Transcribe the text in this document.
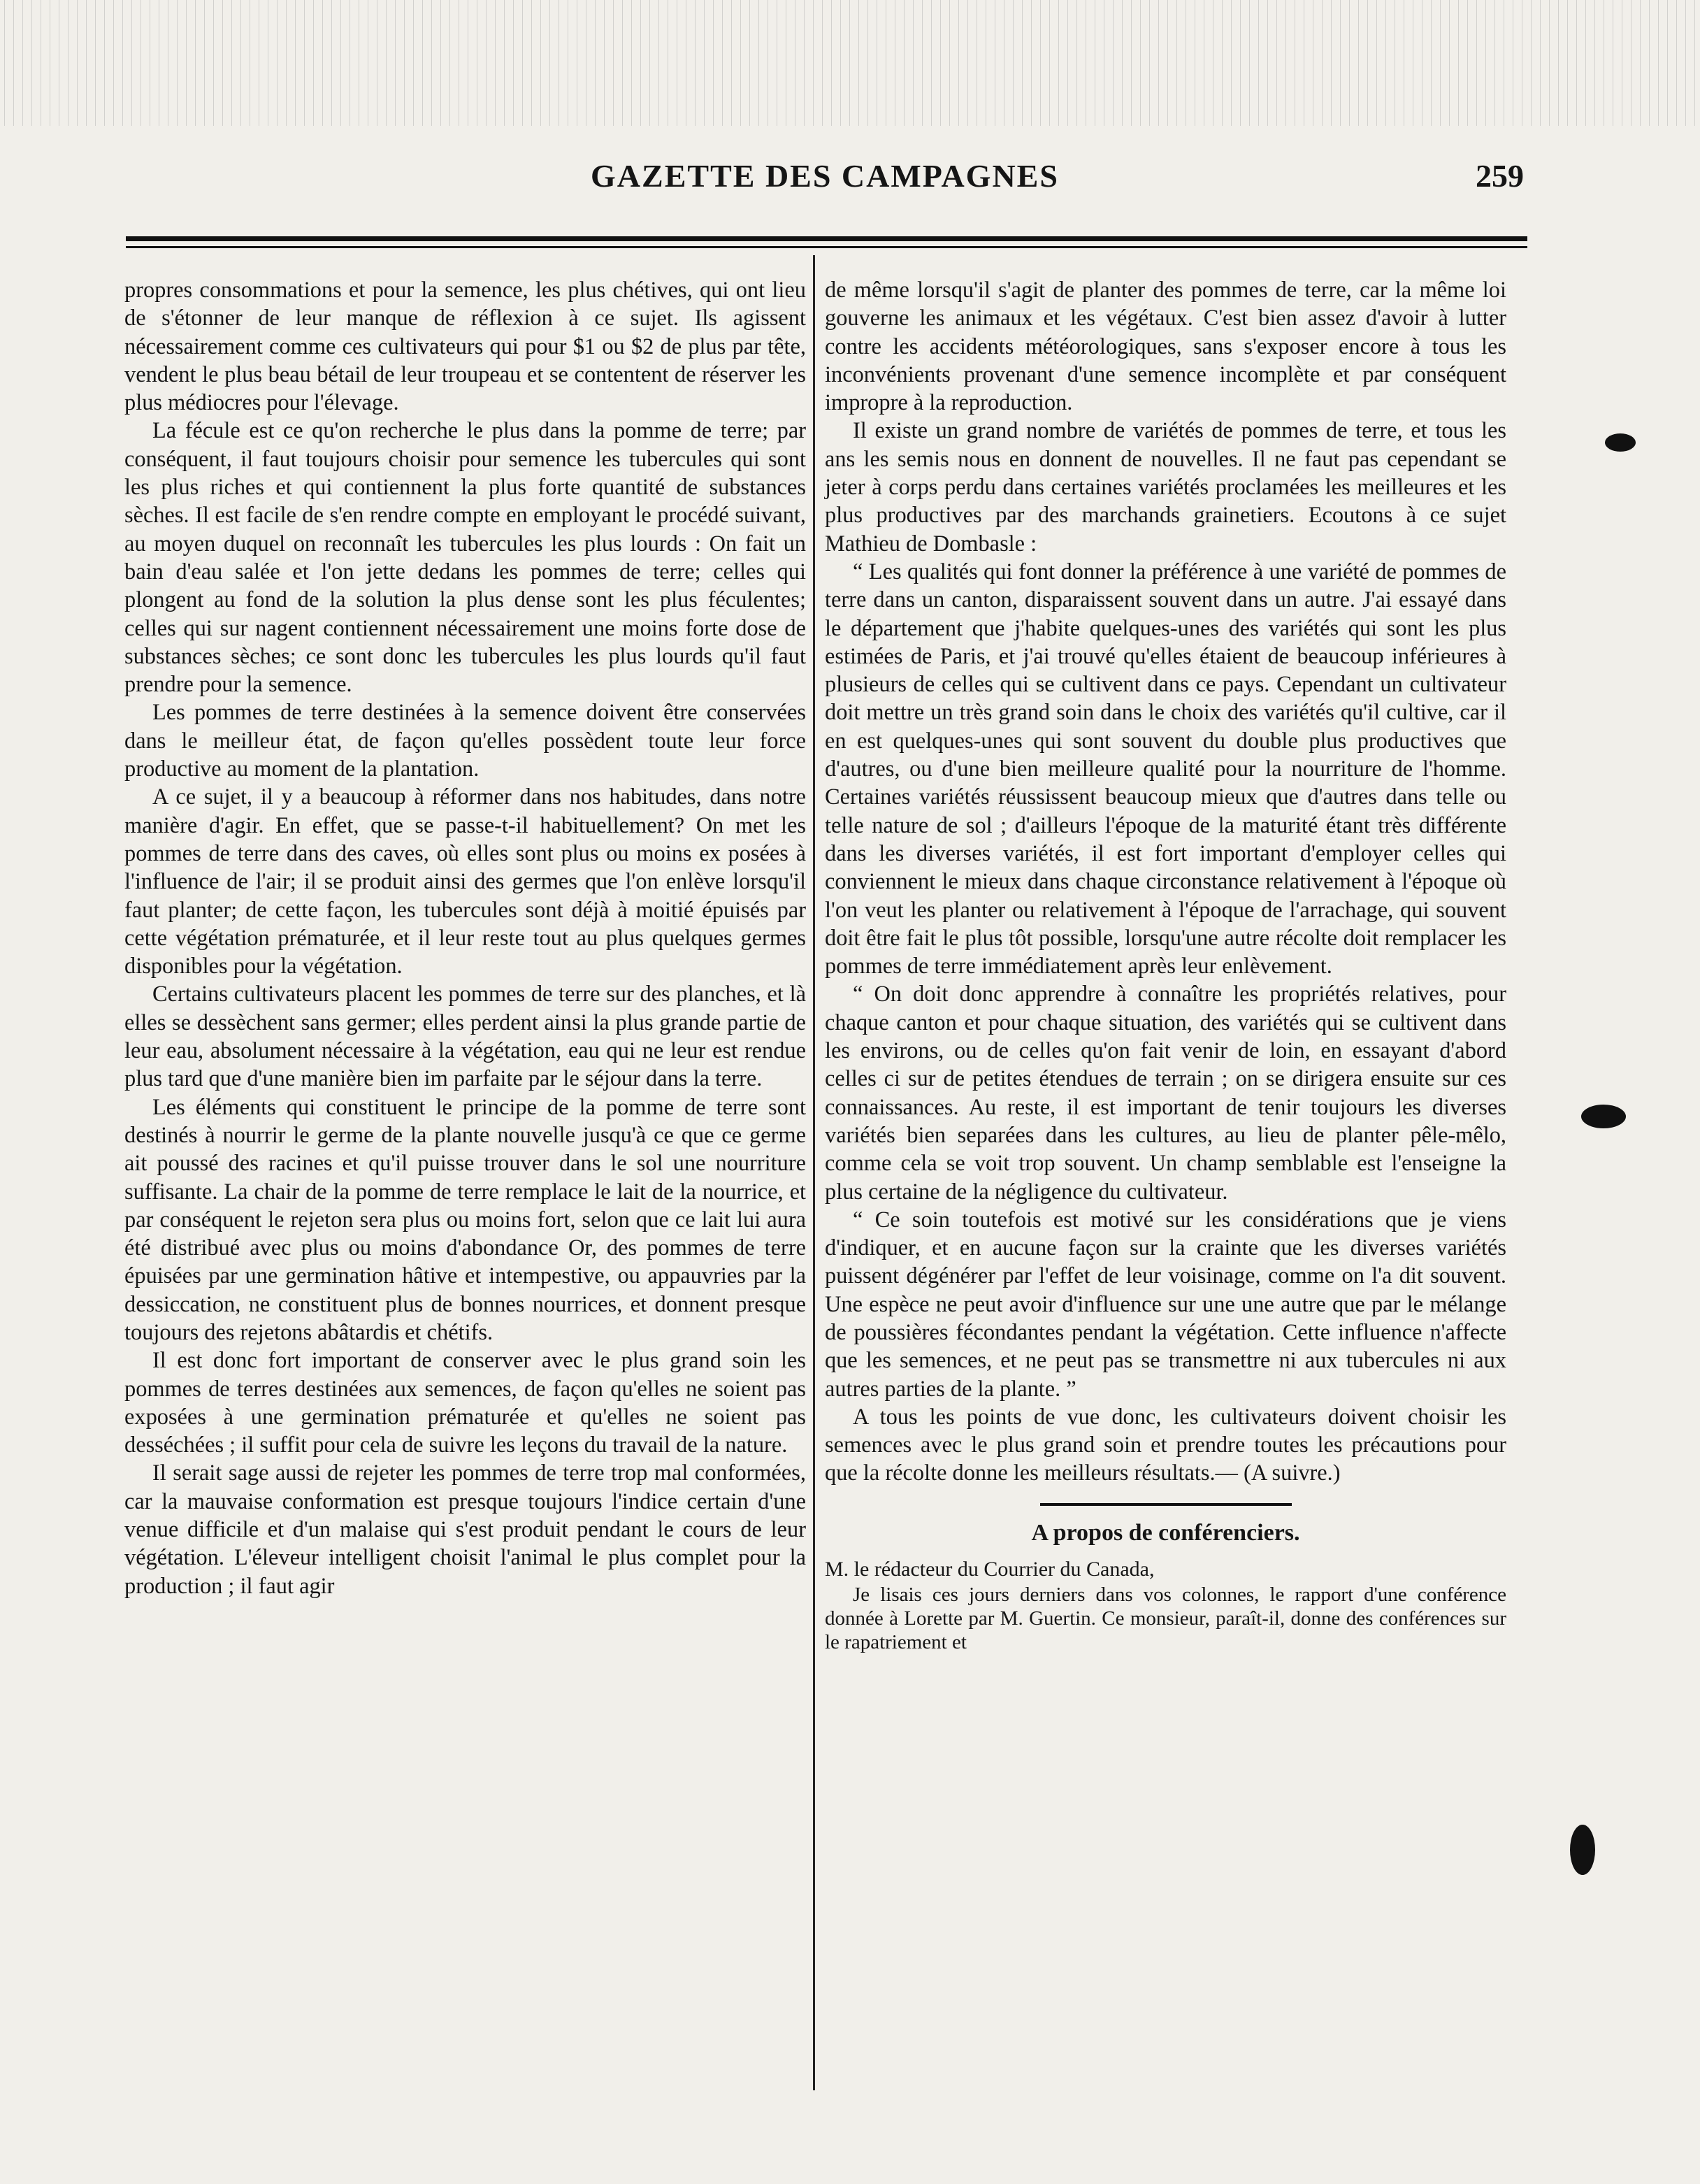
GAZETTE DES CAMPAGNES	259

propres consommations et pour la semence, les plus chétives, qui ont lieu de s'étonner de leur manque de réflexion à ce sujet. Ils agissent nécessairement comme ces cultivateurs qui pour $1 ou $2 de plus par tête, vendent le plus beau bétail de leur troupeau et se contentent de réserver les plus médiocres pour l'élevage.

La fécule est ce qu'on recherche le plus dans la pomme de terre; par conséquent, il faut toujours choisir pour semence les tubercules qui sont les plus riches et qui contiennent la plus forte quantité de substances sèches. Il est facile de s'en rendre compte en employant le procédé suivant, au moyen duquel on reconnaît les tubercules les plus lourds : On fait un bain d'eau salée et l'on jette dedans les pommes de terre; celles qui plongent au fond de la solution la plus dense sont les plus féculentes; celles qui sur nagent contiennent nécessairement une moins forte dose de substances sèches; ce sont donc les tubercules les plus lourds qu'il faut prendre pour la semence.

Les pommes de terre destinées à la semence doivent être conservées dans le meilleur état, de façon qu'elles possèdent toute leur force productive au moment de la plantation.

A ce sujet, il y a beaucoup à réformer dans nos habitudes, dans notre manière d'agir. En effet, que se passe-t-il habituellement? On met les pommes de terre dans des caves, où elles sont plus ou moins ex posées à l'influence de l'air; il se produit ainsi des germes que l'on enlève lorsqu'il faut planter; de cette façon, les tubercules sont déjà à moitié épuisés par cette végétation prématurée, et il leur reste tout au plus quelques germes disponibles pour la végétation.

Certains cultivateurs placent les pommes de terre sur des planches, et là elles se dessèchent sans germer; elles perdent ainsi la plus grande partie de leur eau, absolument nécessaire à la végétation, eau qui ne leur est rendue plus tard que d'une manière bien im parfaite par le séjour dans la terre.

Les éléments qui constituent le principe de la pomme de terre sont destinés à nourrir le germe de la plante nouvelle jusqu'à ce que ce germe ait poussé des racines et qu'il puisse trouver dans le sol une nourriture suffisante. La chair de la pomme de terre remplace le lait de la nourrice, et par conséquent le rejeton sera plus ou moins fort, selon que ce lait lui aura été distribué avec plus ou moins d'abondance Or, des pommes de terre épuisées par une germination hâtive et intempestive, ou appauvries par la dessiccation, ne constituent plus de bonnes nourrices, et donnent presque toujours des rejetons abâtardis et chétifs.

Il est donc fort important de conserver avec le plus grand soin les pommes de terres destinées aux semences, de façon qu'elles ne soient pas exposées à une germination prématurée et qu'elles ne soient pas desséchées ; il suffit pour cela de suivre les leçons du travail de la nature.

Il serait sage aussi de rejeter les pommes de terre trop mal conformées, car la mauvaise conformation est presque toujours l'indice certain d'une venue difficile et d'un malaise qui s'est produit pendant le cours de leur végétation. L'éleveur intelligent choisit l'animal le plus complet pour la production ; il faut agir

de même lorsqu'il s'agit de planter des pommes de terre, car la même loi gouverne les animaux et les végétaux. C'est bien assez d'avoir à lutter contre les accidents météorologiques, sans s'exposer encore à tous les inconvénients provenant d'une semence incomplète et par conséquent impropre à la reproduction.

Il existe un grand nombre de variétés de pommes de terre, et tous les ans les semis nous en donnent de nouvelles. Il ne faut pas cependant se jeter à corps perdu dans certaines variétés proclamées les meilleures et les plus productives par des marchands grainetiers. Ecoutons à ce sujet Mathieu de Dombasle :

“ Les qualités qui font donner la préférence à une variété de pommes de terre dans un canton, disparaissent souvent dans un autre. J'ai essayé dans le département que j'habite quelques-unes des variétés qui sont les plus estimées de Paris, et j'ai trouvé qu'elles étaient de beaucoup inférieures à plusieurs de celles qui se cultivent dans ce pays. Cependant un cultivateur doit mettre un très grand soin dans le choix des variétés qu'il cultive, car il en est quelques-unes qui sont souvent du double plus productives que d'autres, ou d'une bien meilleure qualité pour la nourriture de l'homme. Certaines variétés réussissent beaucoup mieux que d'autres dans telle ou telle nature de sol ; d'ailleurs l'époque de la maturité étant très différente dans les diverses variétés, il est fort important d'employer celles qui conviennent le mieux dans chaque circonstance relativement à l'époque où l'on veut les planter ou relativement à l'époque de l'arrachage, qui souvent doit être fait le plus tôt possible, lorsqu'une autre récolte doit remplacer les pommes de terre immédiatement après leur enlèvement.

“ On doit donc apprendre à connaître les propriétés relatives, pour chaque canton et pour chaque situation, des variétés qui se cultivent dans les environs, ou de celles qu'on fait venir de loin, en essayant d'abord celles ci sur de petites étendues de terrain ; on se dirigera ensuite sur ces connaissances. Au reste, il est important de tenir toujours les diverses variétés bien separées dans les cultures, au lieu de planter pêle-mêlo, comme cela se voit trop souvent. Un champ semblable est l'enseigne la plus certaine de la négligence du cultivateur.

“ Ce soin toutefois est motivé sur les considérations que je viens d'indiquer, et en aucune façon sur la crainte que les diverses variétés puissent dégénérer par l'effet de leur voisinage, comme on l'a dit souvent. Une espèce ne peut avoir d'influence sur une une autre que par le mélange de poussières fécondantes pendant la végétation. Cette influence n'affecte que les semences, et ne peut pas se transmettre ni aux tubercules ni aux autres parties de la plante. ”

A tous les points de vue donc, les cultivateurs doivent choisir les semences avec le plus grand soin et prendre toutes les précautions pour que la récolte donne les meilleurs résultats.— (A suivre.)

A propos de conférenciers.

M. le rédacteur du Courrier du Canada,

Je lisais ces jours derniers dans vos colonnes, le rapport d'une conférence donnée à Lorette par M. Guertin. Ce monsieur, paraît-il, donne des conférences sur le rapatriement et
